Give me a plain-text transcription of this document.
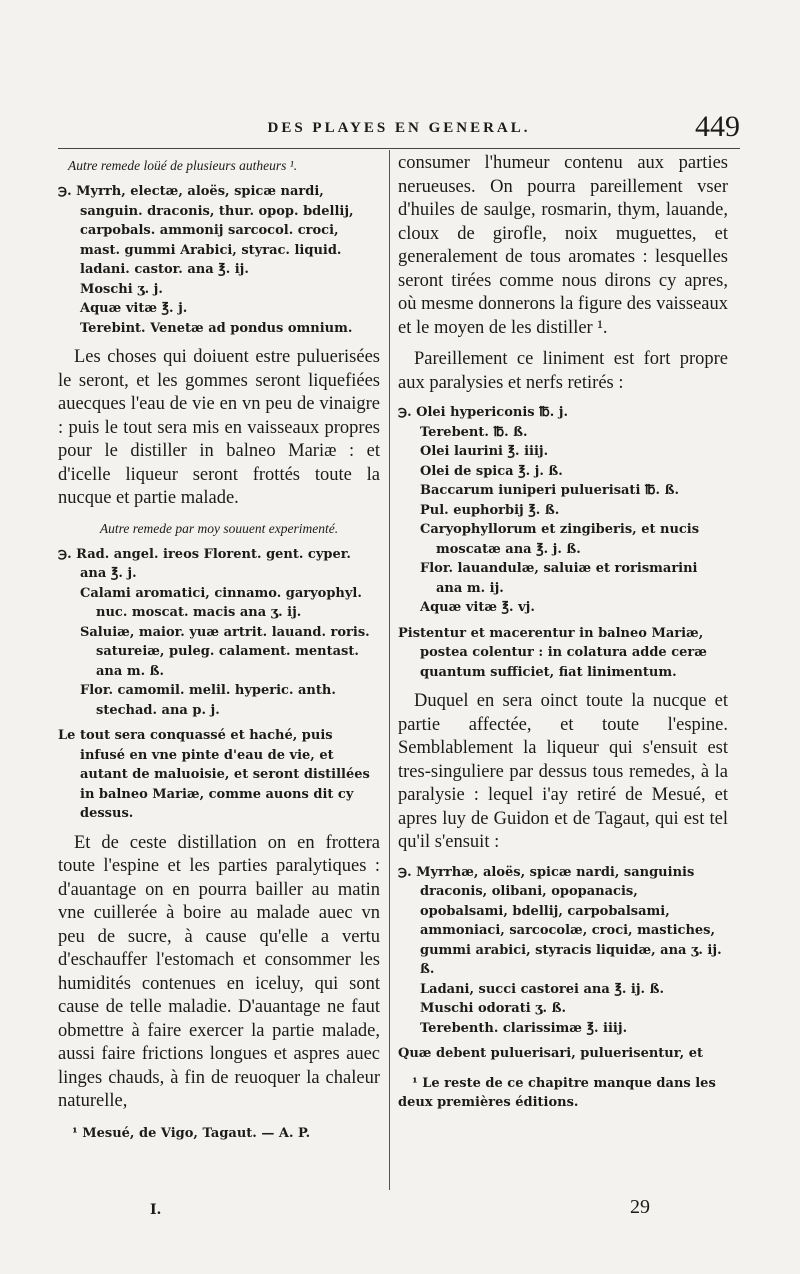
DES PLAYES EN GENERAL.	449
Autre remede loüé de plusieurs autheurs ¹.
℈. Myrrh, electæ, aloës, spicæ nardi, sanguin. draconis, thur. opop. bdellij, carpobals. ammonij sarcocol. croci, mast. gummi Arabici, styrac. liquid. ladani. castor. ana ℥. ij.
Moschi ʒ. j.
Aquæ vitæ ℥. j.
Terebint. Venetæ ad pondus omnium.

Les choses qui doiuent estre puluerisées le seront, et les gommes seront liquefiées auecques l'eau de vie en vn peu de vinaigre : puis le tout sera mis en vaisseaux propres pour le distiller in balneo Mariæ : et d'icelle liqueur seront frottés toute la nucque et partie malade.

Autre remede par moy souuent experimenté.
℈. Rad. angel. ireos Florent. gent. cyper. ana ℥. j.
Calami aromatici, cinnamo. garyophyl. nuc. moscat. macis ana ʒ. ij.
Saluiæ, maior. yuæ artrit. lauand. roris. satureiæ, puleg. calament. mentast. ana m. ß.
Flor. camomil. melil. hyperic. anth. stechad. ana p. j.
Le tout sera conquassé et haché, puis infusé en vne pinte d'eau de vie, et autant de maluoisie, et seront distillées in balneo Mariæ, comme auons dit cy dessus.

Et de ceste distillation on en frottera toute l'espine et les parties paralytiques : d'auantage on en pourra bailler au matin vne cuillerée à boire au malade auec vn peu de sucre, à cause qu'elle a vertu d'eschauffer l'estomach et consommer les humidités contenues en iceluy, qui sont cause de telle maladie. D'auantage ne faut obmettre à faire exercer la partie malade, aussi faire frictions longues et aspres auec linges chauds, à fin de reuoquer la chaleur naturelle,

¹ Mesué, de Vigo, Tagaut. — A. P.

consumer l'humeur contenu aux parties nerueuses. On pourra pareillement vser d'huiles de saulge, rosmarin, thym, lauande, cloux de girofle, noix muguettes, et generalement de tous aromates : lesquelles seront tirées comme nous dirons cy apres, où mesme donnerons la figure des vaisseaux et le moyen de les distiller ¹.

Pareillement ce liniment est fort propre aux paralysies et nerfs retirés :

℈. Olei hypericonis ℔. j.
Terebent. ℔. ß.
Olei laurini ℥. iiij.
Olei de spica ℥. j. ß.
Baccarum iuniperi puluerisati ℔. ß.
Pul. euphorbij ℥. ß.
Caryophyllorum et zingiberis, et nucis moscatæ ana ℥. j. ß.
Flor. lauandulæ, saluiæ et rorismarini ana m. ij.
Aquæ vitæ ℥. vj.
Pistentur et macerentur in balneo Mariæ, postea colentur : in colatura adde ceræ quantum sufficiet, fiat linimentum.

Duquel en sera oinct toute la nucque et partie affectée, et toute l'espine. Semblablement la liqueur qui s'ensuit est tres-singuliere par dessus tous remedes, à la paralysie : lequel i'ay retiré de Mesué, et apres luy de Guidon et de Tagaut, qui est tel qu'il s'ensuit :

℈. Myrrhæ, aloës, spicæ nardi, sanguinis draconis, olibani, opopanacis, opobalsami, bdellij, carpobalsami, ammoniaci, sarcocolæ, croci, mastiches, gummi arabici, styracis liquidæ, ana ʒ. ij. ß.
Ladani, succi castorei ana ℥. ij. ß.
Muschi odorati ʒ. ß.
Terebenth. clarissimæ ℥. iiij.
Quæ debent puluerisari, puluerisentur, et

¹ Le reste de ce chapitre manque dans les deux premières éditions.

I.	29
